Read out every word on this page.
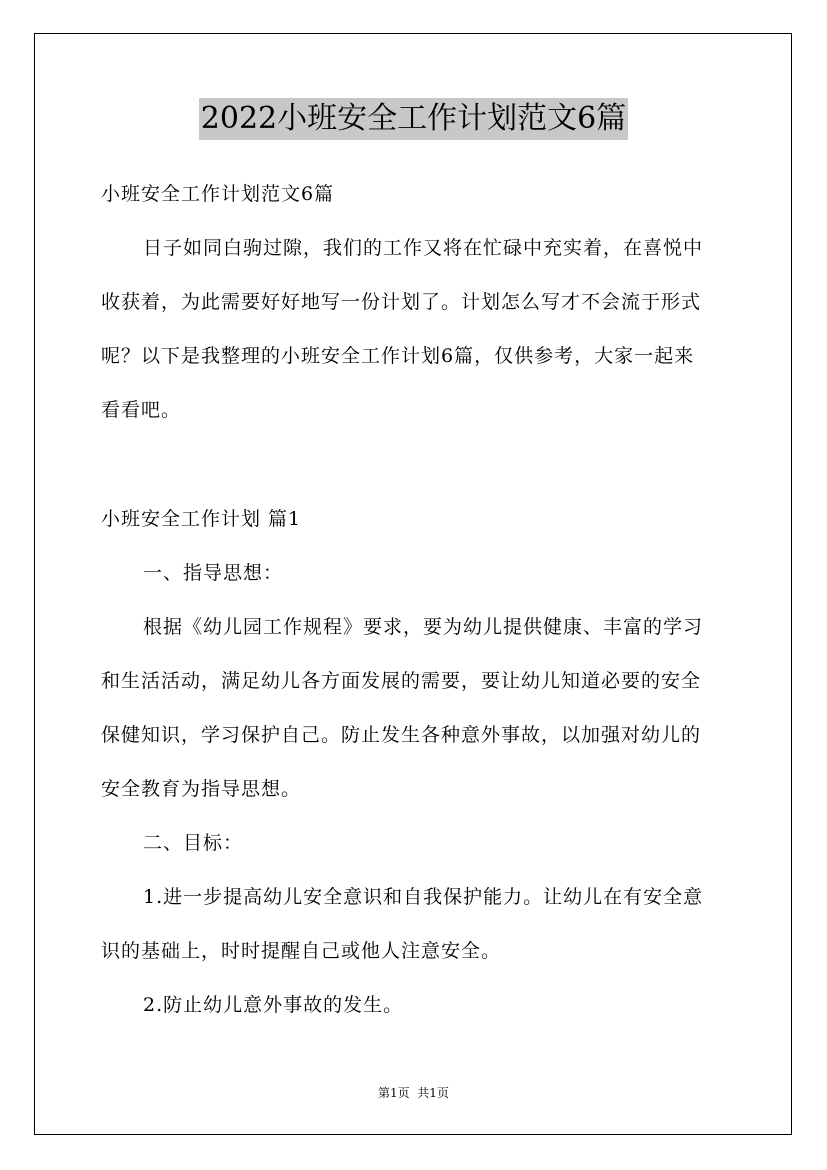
2022小班安全工作计划范文6篇
小班安全工作计划范文6篇
日子如同白驹过隙，我们的工作又将在忙碌中充实着，在喜悦中
收获着，为此需要好好地写一份计划了。计划怎么写才不会流于形式
呢？以下是我整理的小班安全工作计划6篇，仅供参考，大家一起来
看看吧。
小班安全工作计划 篇1
一、指导思想：
根据《幼儿园工作规程》要求，要为幼儿提供健康、丰富的学习
和生活活动，满足幼儿各方面发展的需要，要让幼儿知道必要的安全
保健知识，学习保护自己。防止发生各种意外事故，以加强对幼儿的
安全教育为指导思想。
二、目标：
1.进一步提高幼儿安全意识和自我保护能力。让幼儿在有安全意
识的基础上，时时提醒自己或他人注意安全。
2.防止幼儿意外事故的发生。
第1页  共1页
